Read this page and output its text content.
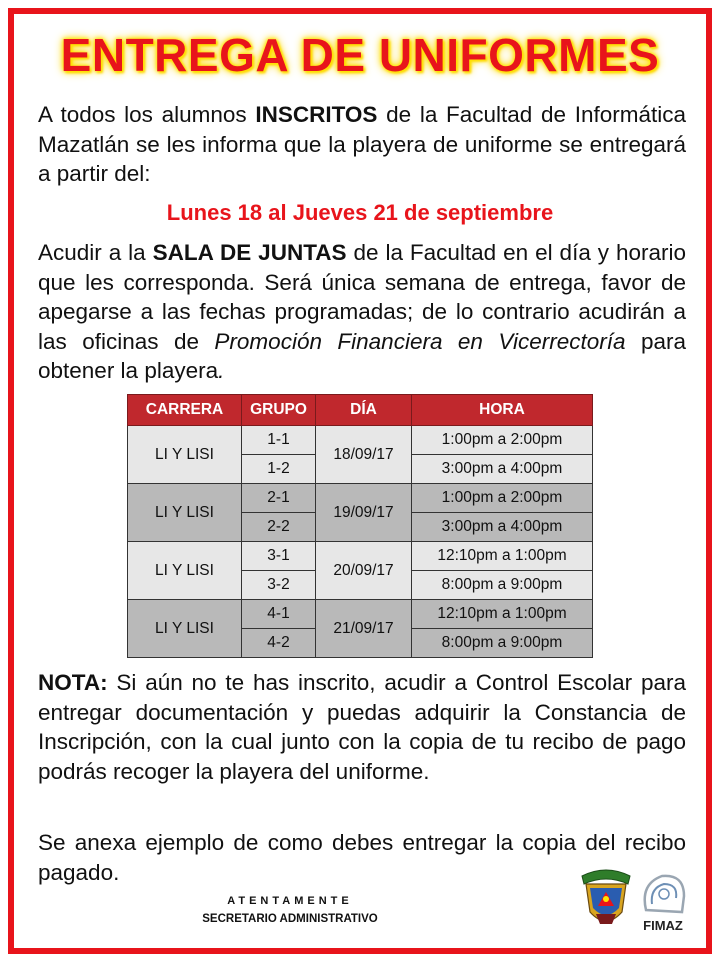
ENTREGA DE UNIFORMES
A todos los alumnos INSCRITOS de la Facultad de Informática Mazatlán se les informa que la playera de uniforme se entregará a partir del:
Lunes 18 al Jueves 21 de septiembre
Acudir a la SALA DE JUNTAS de la Facultad en el día y horario que les corresponda. Será única semana de entrega, favor de apegarse a las fechas programadas; de lo contrario acudirán a las oficinas de Promoción Financiera en Vicerrectoría para obtener la playera.
CARRERA	GRUPO	DÍA	HORA
LI Y LISI	1-1	18/09/17	1:00pm a 2:00pm
	1-2		3:00pm a 4:00pm
LI Y LISI	2-1	19/09/17	1:00pm a 2:00pm
	2-2		3:00pm a 4:00pm
LI Y LISI	3-1	20/09/17	12:10pm a 1:00pm
	3-2		8:00pm a 9:00pm
LI Y LISI	4-1	21/09/17	12:10pm a 1:00pm
	4-2		8:00pm a 9:00pm
NOTA: Si aún no te has inscrito, acudir a Control Escolar para entregar documentación y puedas adquirir la Constancia de Inscripción, con la cual junto con la copia de tu recibo de pago podrás recoger la playera del uniforme.
Se anexa ejemplo de como debes entregar la copia del recibo pagado.
ATENTAMENTE
SECRETARIO ADMINISTRATIVO	FIMAZ
